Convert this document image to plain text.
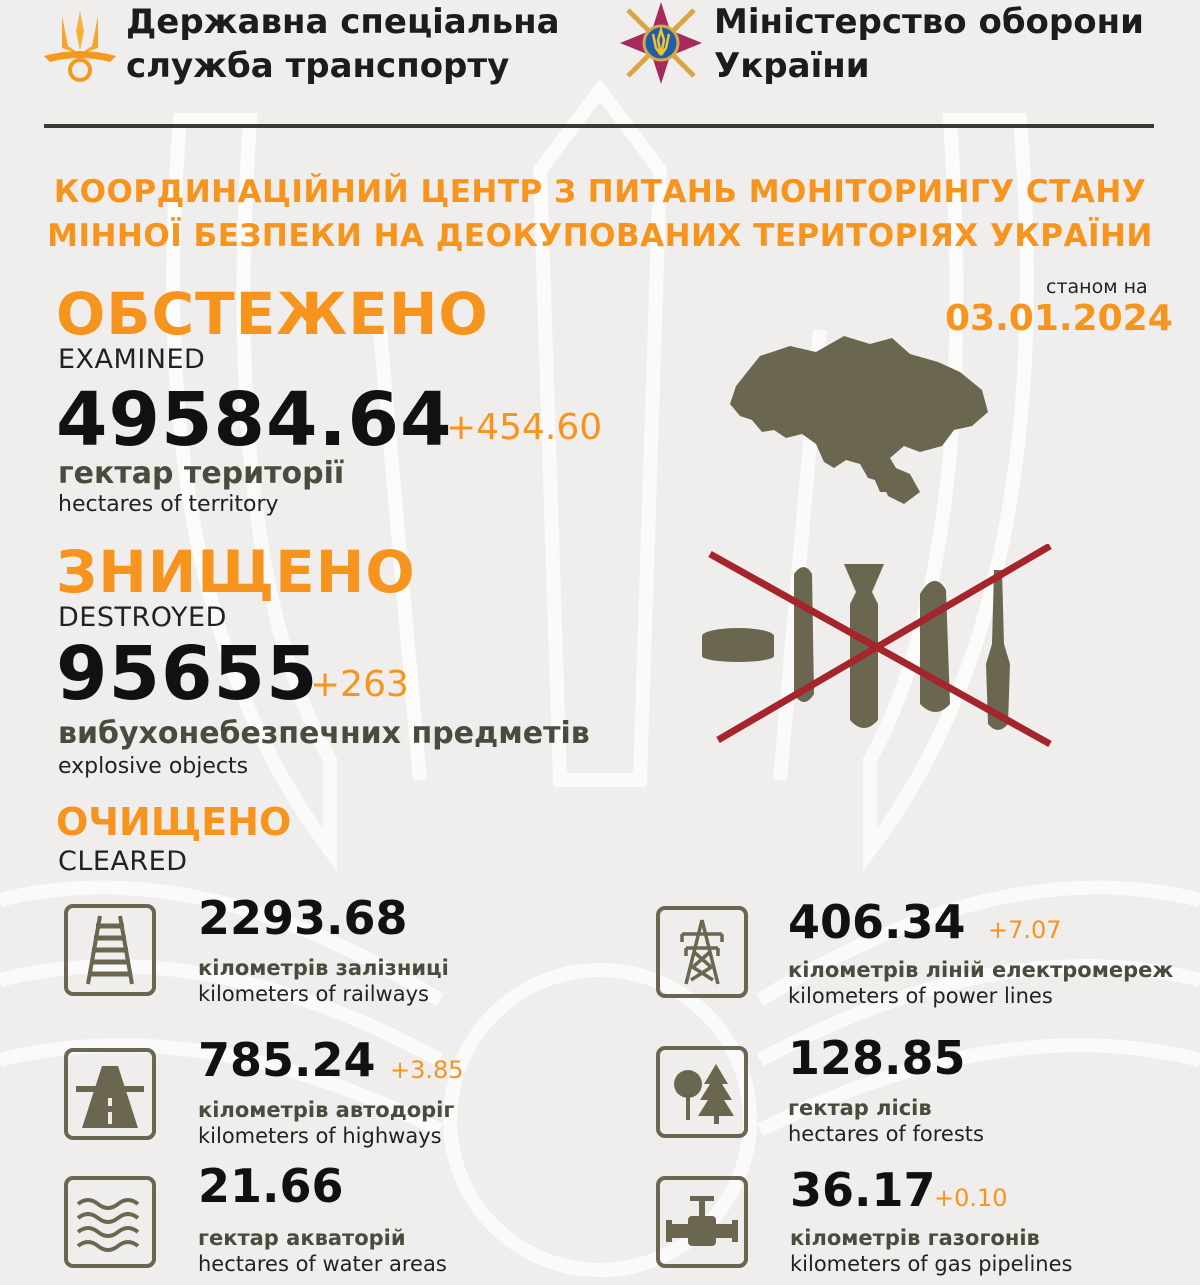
Державна спеціальна
служба транспорту
Міністерство оборони
України
КООРДИНАЦІЙНИЙ ЦЕНТР З ПИТАНЬ МОНІТОРИНГУ СТАНУ
МІННОЇ БЕЗПЕКИ НА ДЕОКУПОВАНИХ ТЕРИТОРІЯХ УКРАЇНИ
станом на
03.01.2024
ОБСТЕЖЕНО
EXAMINED
49584.64
+454.60
гектар території
hectares of territory
ЗНИЩЕНО
DESTROYED
95655
+263
вибухонебезпечних предметів
explosive objects
ОЧИЩЕНО
CLEARED
2293.68
кілометрів залізниці
kilometers of railways
406.34 +7.07
кілометрів ліній електромереж
kilometers of power lines
785.24 +3.85
кілометрів автодоріг
kilometers of highways
128.85
гектар лісів
hectares of forests
21.66
гектар акваторій
hectares of water areas
36.17
+0.10
кілометрів газогонів
kilometers of gas pipelines
